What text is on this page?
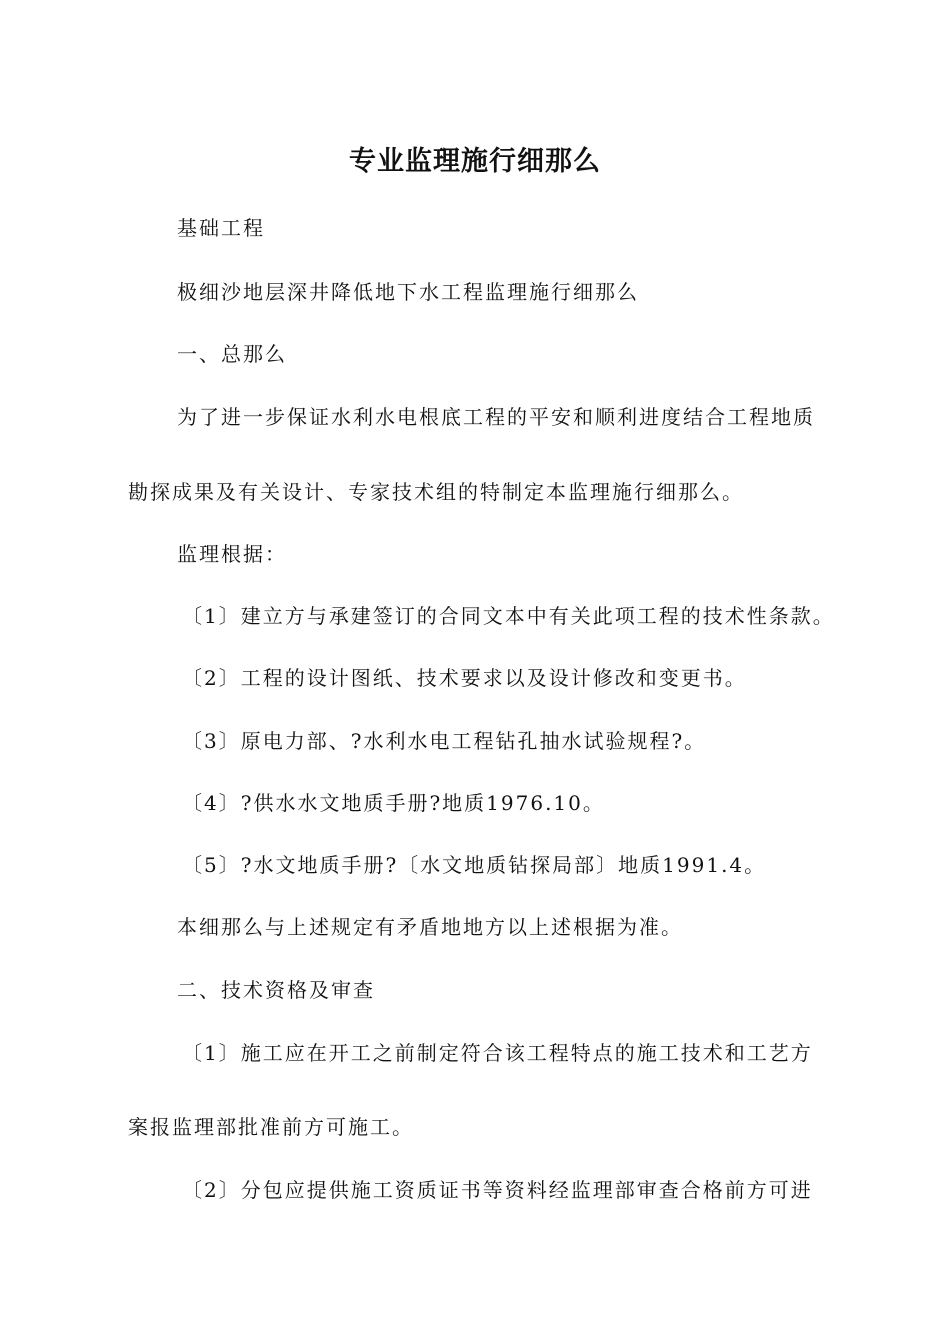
专业监理施行细那么
基础工程
极细沙地层深井降低地下水工程监理施行细那么
一、总那么
为了进一步保证水利水电根底工程的平安和顺利进度结合工程地质
勘探成果及有关设计、专家技术组的特制定本监理施行细那么。
监理根据：
〔1〕建立方与承建签订的合同文本中有关此项工程的技术性条款。
〔2〕工程的设计图纸、技术要求以及设计修改和变更书。
〔3〕原电力部、?水利水电工程钻孔抽水试验规程?。
〔4〕?供水水文地质手册?地质1976.10。
〔5〕?水文地质手册?〔水文地质钻探局部〕地质1991.4。
本细那么与上述规定有矛盾地地方以上述根据为准。
二、技术资格及审查
〔1〕施工应在开工之前制定符合该工程特点的施工技术和工艺方
案报监理部批准前方可施工。
〔2〕分包应提供施工资质证书等资料经监理部审查合格前方可进
